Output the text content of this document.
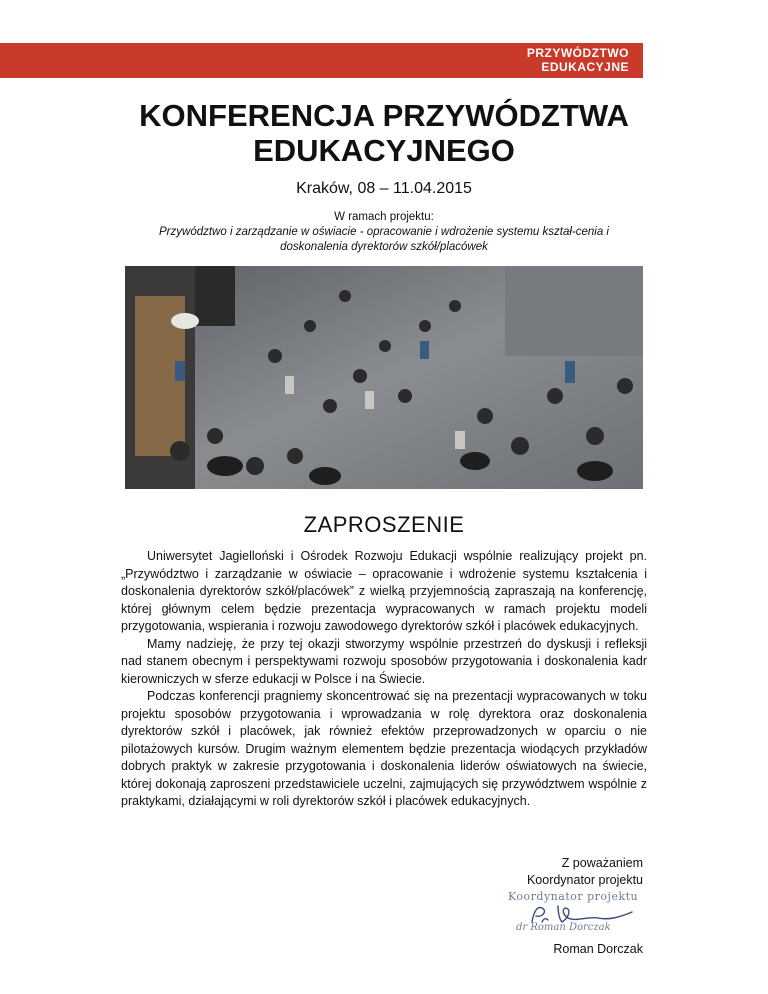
PRZYWÓDZTWO
EDUKACYJNE
KONFERENCJA PRZYWÓDZTWA
EDUKACYJNEGO
Kraków, 08 – 11.04.2015
W ramach projektu:
Przywództwo i zarządzanie w oświacie - opracowanie i wdrożenie systemu kształ-cenia i doskonalenia dyrektorów szkół/placówek
ZAPROSZENIE

Uniwersytet Jagielloński i Ośrodek Rozwoju Edukacji wspólnie realizujący projekt pn. „Przywództwo i zarządzanie w oświacie – opracowanie i wdrożenie systemu kształcenia i doskonalenia dyrektorów szkół/placówek” z wielką przyjemnością zapraszają na konferencję, której głównym celem będzie prezentacja wypracowanych w ramach projektu modeli przygotowania, wspierania i rozwoju zawodowego dyrektorów szkół i placówek edukacyjnych.

Mamy nadzieję, że przy tej okazji stworzymy wspólnie przestrzeń do dyskusji i refleksji nad stanem obecnym i perspektywami rozwoju sposobów przygotowania i doskonalenia kadr kierowniczych w sferze edukacji w Polsce i na Świecie.

Podczas konferencji pragniemy skoncentrować się na prezentacji wypracowanych w toku projektu sposobów przygotowania i wprowadzania w rolę dyrektora oraz doskonalenia dyrektorów szkół i placówek, jak również efektów przeprowadzonych w oparciu o nie pilotażowych kursów. Drugim ważnym elementem będzie prezentacja wiodących przykładów dobrych praktyk w zakresie przygotowania i doskonalenia liderów oświatowych na świecie, której dokonają zaproszeni przedstawiciele uczelni, zajmujących się przywództwem wspólnie z praktykami, działającymi w roli dyrektorów szkół i placówek edukacyjnych.

Z poważaniem
Koordynator projektu
Koordynator projektu
dr Roman Dorczak
Roman Dorczak
